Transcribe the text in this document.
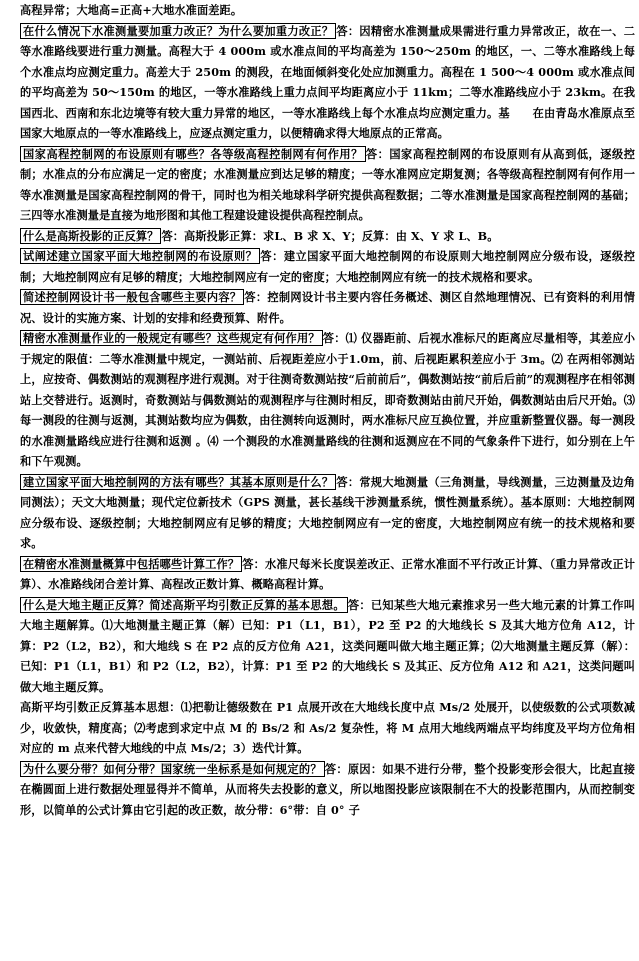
高程异常；大地高=正高+大地水准面差距。

在什么情况下水准测量要加重力改正？为什么要加重力改正？ 答：因精密水准测量成果需进行重力异常改正，故在一、二等水准路线要进行重力测量。高程大于 4 000m 或水准点间的平均高差为 150～250m 的地区，一、二等水准路线上每个水准点均应测定重力。高差大于 250m 的测段，在地面倾斜变化处应加测重力。高程在 1 500～4 000m 或水准点间的平均高差为 50～150m 的地区，一等水准路线上重力点间平均距离应小于 11km；二等水准路线应小于 23km。在我国西北、西南和东北边境等有较大重力异常的地区，一等水准路线上每个水准点均应测定重力。基　　在由青岛水准原点至国家大地原点的一等水准路线上，应逐点测定重力，以便精确求得大地原点的正常高。

国家高程控制网的布设原则有哪些？各等级高程控制网有何作用？ 答：国家高程控制网的布设原则有从高到低，逐级控制；水准点的分布应满足一定的密度；水准测量应到达足够的精度；一等水准网应定期复测；各等级高程控制网有何作用一等水准测量是国家高程控制网的骨干，同时也为相关地球科学研究提供高程数据；二等水准测量是国家高程控制网的基础；三四等水准测量是直接为地形图和其他工程建设建设提供高程控制点。

什么是高斯投影的正反算？ 答：高斯投影正算：求L、B 求 X、Y；反算：由 X、Y 求 L、B。

试阐述建立国家平面大地控制网的布设原则？ 答：建立国家平面大地控制网的布设原则大地控制网应分级布设，逐级控制；大地控制网应有足够的精度；大地控制网应有一定的密度；大地控制网应有统一的技术规格和要求。

简述控制网设计书一般包含哪些主要内容？ 答：控制网设计书主要内容任务概述、测区自然地理情况、已有资料的利用情况、设计的实施方案、计划的安排和经费预算、附件。

精密水准测量作业的一般规定有哪些？这些规定有何作用？ 答：⑴ 仪器距前、后视水准标尺的距离应尽量相等，其差应小于规定的限值：二等水准测量中规定，一测站前、后视距差应小于1.0m，前、后视距累积差应小于 3m。⑵ 在两相邻测站上，应按奇、偶数测站的观测程序进行观测。对于往测奇数测站按“后前前后”，偶数测站按“前后后前”的观测程序在相邻测站上交替进行。返测时，奇数测站与偶数测站的观测程序与往测时相反，即奇数测站由前尺开始，偶数测站由后尺开始。⑶ 每一测段的往测与返测，其测站数均应为偶数，由往测转向返测时，两水准标尺应互换位置，并应重新整置仪器。每一测段的水准测量路线应进行往测和返测 。⑷ 一个测段的水准测量路线的往测和返测应在不同的气象条件下进行，如分别在上午和下午观测。

建立国家平面大地控制网的方法有哪些？其基本原则是什么？ 答：常规大地测量（三角测量，导线测量，三边测量及边角同测法）；天文大地测量；现代定位新技术（GPS 测量，甚长基线干涉测量系统，惯性测量系统）。基本原则：大地控制网应分级布设、逐级控制；大地控制网应有足够的精度；大地控制网应有一定的密度，大地控制网应有统一的技术规格和要求。

在精密水准测量概算中包括哪些计算工作？ 答：水准尺每米长度误差改正、正常水准面不平行改正计算、（重力异常改正计算）、水准路线闭合差计算、高程改正数计算、概略高程计算。

什么是大地主题正反算？简述高斯平均引数正反算的基本思想。 答：已知某些大地元素推求另一些大地元素的计算工作叫大地主题解算。⑴大地测量主题正算（解）已知：P1（L1，B1），P2 至 P2 的大地线长 S 及其大地方位角 A12，计算：P2（L2，B2），和大地线 S 在 P2 点的反方位角 A21，这类问题叫做大地主题正算；⑵大地测量主题反算（解）：已知：P1（L1，B1）和 P2（L2，B2），计算：P1 至 P2 的大地线长 S 及其正、反方位角 A12 和 A21，这类问题叫做大地主题反算。

高斯平均引数正反算基本思想：⑴把勒让德级数在 P1 点展开改在大地线长度中点 Ms/2 处展开，以使级数的公式项数减少，收敛快，精度高；⑵考虑到求定中点 M 的 Bs/2 和 As/2 复杂性，将 M 点用大地线两端点平均纬度及平均方位角相对应的 m 点来代替大地线的中点 Ms/2；3）迭代计算。

为什么要分带？如何分带？国家统一坐标系是如何规定的？ 答：原因：如果不进行分带，整个投影变形会很大，比起直接在椭圆面上进行数据处理显得并不简单，从而将失去投影的意义，所以地图投影应该限制在不大的投影范围内，从而控制变形，以简单的公式计算由它引起的改正数，故分带：6°带：自 0° 子
